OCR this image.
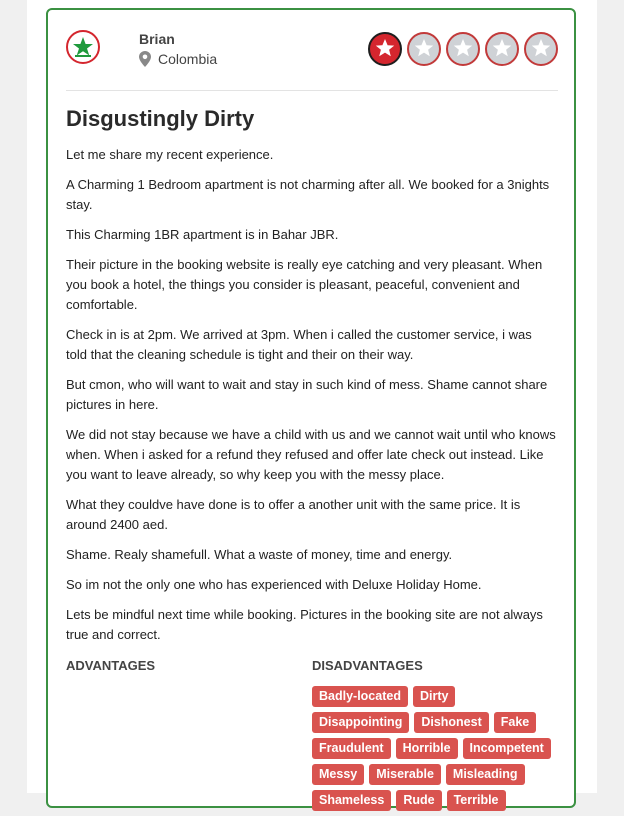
Brian
Colombia
Disgustingly Dirty

Let me share my recent experience.

A Charming 1 Bedroom apartment is not charming after all. We booked for a 3nights stay.

This Charming 1BR apartment is in Bahar JBR.

Their picture in the booking website is really eye catching and very pleasant. When you book a hotel, the things you consider is pleasant, peaceful, convenient and comfortable.

Check in is at 2pm. We arrived at 3pm. When i called the customer service, i was told that the cleaning schedule is tight and their on their way.

But cmon, who will want to wait and stay in such kind of mess. Shame cannot share pictures in here.

We did not stay because we have a child with us and we cannot wait until who knows when. When i asked for a refund they refused and offer late check out instead. Like you want to leave already, so why keep you with the messy place.

What they couldve have done is to offer a another unit with the same price. It is around 2400 aed.

Shame. Realy shamefull. What a waste of money, time and energy.

So im not the only one who has experienced with Deluxe Holiday Home.

Lets be mindful next time while booking. Pictures in the booking site are not always true and correct.

ADVANTAGES	DISADVANTAGES
Badly-located	Dirty
Disappointing	Dishonest	Fake
Fraudulent	Horrible	Incompetent
Messy	Miserable	Misleading
Shameless	Rude	Terrible
